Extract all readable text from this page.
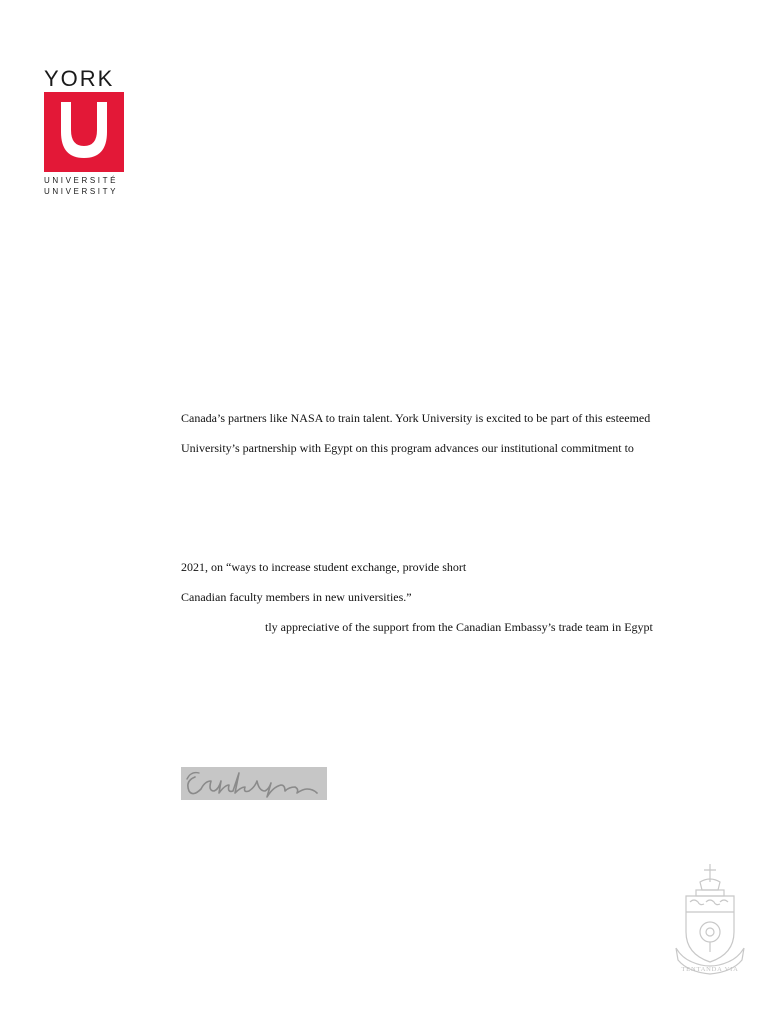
YORK
UNIVERSITÉ
UNIVERSITY
Canada’s partners like NASA to train talent. York University is excited to be part of this esteemed
University’s partnership with Egypt on this program advances our institutional commitment to
2021, on “ways to increase student exchange, provide short
Canadian faculty members in new universities.”
tly appreciative of the support from the Canadian Embassy’s trade team in Egypt
TENTANDA VIA
